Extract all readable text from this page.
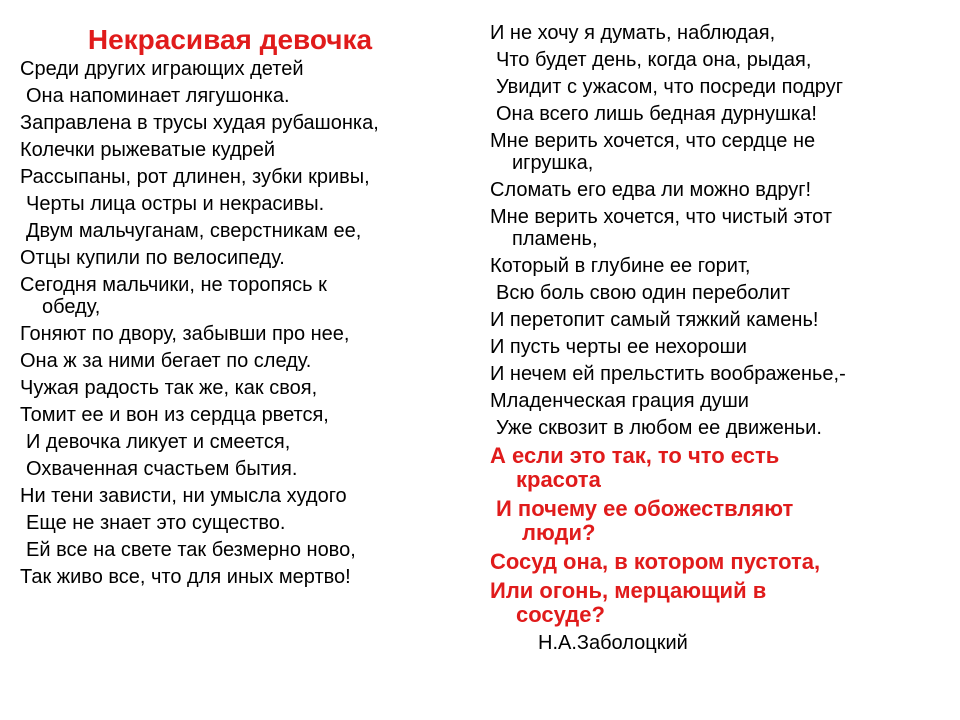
Некрасивая девочка
Среди других играющих детей
Она напоминает лягушонка.
Заправлена в трусы худая рубашонка,
Колечки рыжеватые кудрей
Рассыпаны, рот длинен, зубки кривы,
Черты лица остры и некрасивы.
Двум мальчуганам, сверстникам ее,
Отцы купили по велосипеду.
Сегодня мальчики, не торопясь к
обеду,
Гоняют по двору, забывши про нее,
Она ж за ними бегает по следу.
Чужая радость так же, как своя,
Томит ее и вон из сердца рвется,
И девочка ликует и смеется,
Охваченная счастьем бытия.
Ни тени зависти, ни умысла худого
Еще не знает это существо.
Ей все на свете так безмерно ново,
Так живо все, что для иных мертво!
И не хочу я думать, наблюдая,
Что будет день, когда она, рыдая,
Увидит с ужасом, что посреди подруг
Она всего лишь бедная дурнушка!
Мне верить хочется, что сердце не
игрушка,
Сломать его едва ли можно вдруг!
Мне верить хочется, что чистый этот
пламень,
Который в глубине ее горит,
Всю боль свою один переболит
И перетопит самый тяжкий камень!
И пусть черты ее нехороши
И нечем ей прельстить воображенье,-
Младенческая грация души
Уже сквозит в любом ее движеньи.
А если это так, то что есть
красота
И почему ее обожествляют
люди?
Сосуд она, в котором пустота,
Или огонь, мерцающий в
сосуде?
Н.А.Заболоцкий
